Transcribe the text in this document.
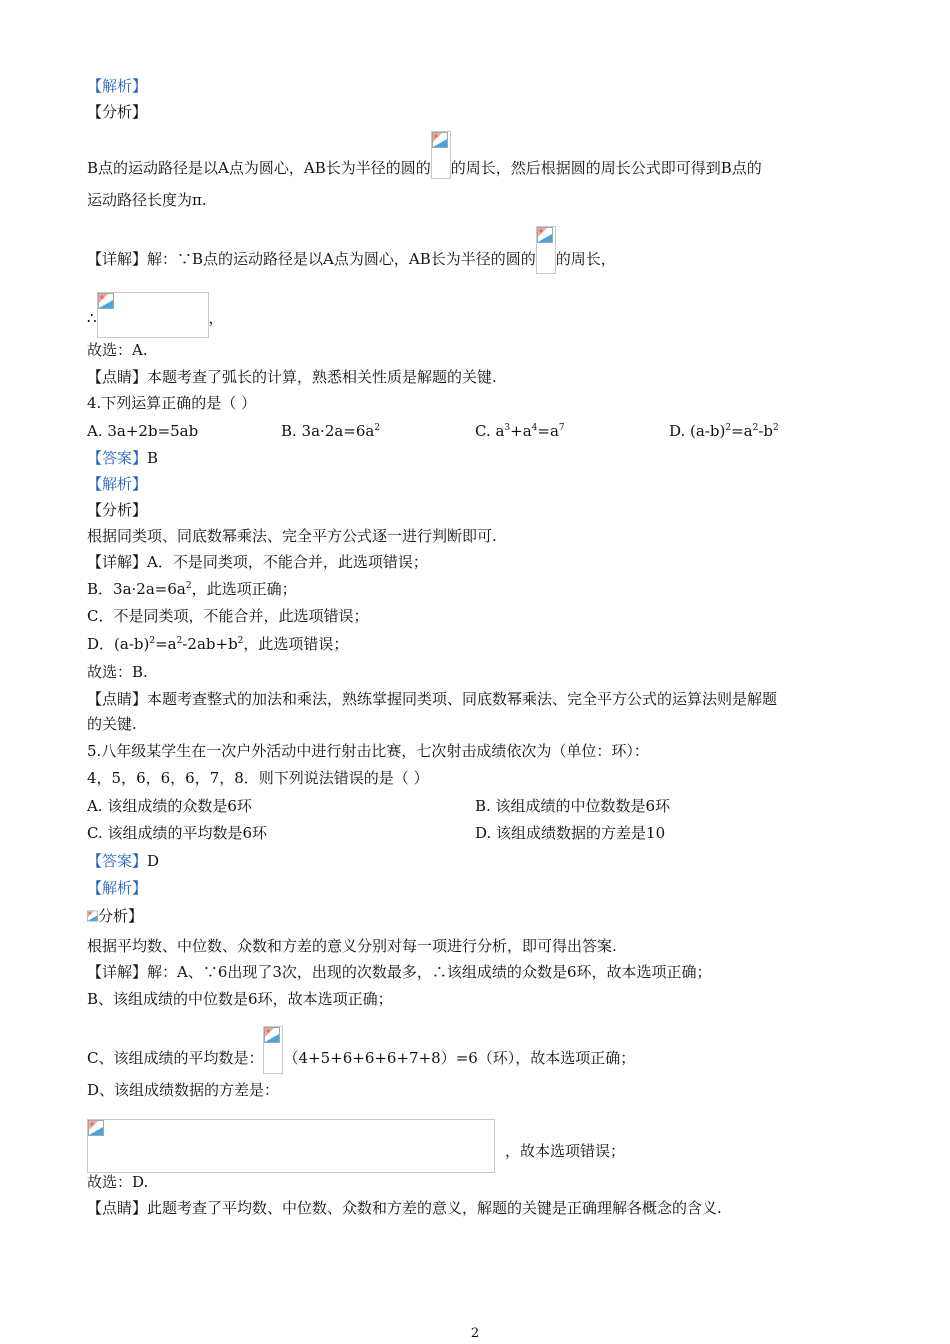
【解析】
【分析】
B点的运动路径是以A点为圆心，AB长为半径的圆的 的周长，然后根据圆的周长公式即可得到B点的
运动路径长度为π.
【详解】解：∵B点的运动路径是以A点为圆心，AB长为半径的圆的 的周长，
∴	，
故选：A.
【点睛】本题考查了弧长的计算，熟悉相关性质是解题的关键.
4.下列运算正确的是（ ）
A. 3a+2b=5ab	B. $3a\cdot 2a=6a^2$	C. $a^3+a^4=a^7$	D. $(a-b)^2=a^2-b^2$
【答案】B
【解析】
【分析】
根据同类项、同底数幂乘法、完全平方公式逐一进行判断即可.
【详解】A．不是同类项，不能合并，此选项错误；
B．$3a\cdot 2a=6a^2$，此选项正确；
C．不是同类项，不能合并，此选项错误；
D．$(a-b)^2=a^2-2ab+b^2$，此选项错误；
故选：B.
【点睛】本题考查整式的加法和乘法，熟练掌握同类项、同底数幂乘法、完全平方公式的运算法则是解题
的关键.
5.八年级某学生在一次户外活动中进行射击比赛，七次射击成绩依次为（单位：环）：
4，5，6，6，6，7，8．则下列说法错误的是（ ）
A. 该组成绩的众数是6环	B. 该组成绩的中位数数是6环
C. 该组成绩的平均数是6环	D. 该组成绩数据的方差是10
【答案】D
【解析】
分析】
根据平均数、中位数、众数和方差的意义分别对每一项进行分析，即可得出答案.
【详解】解：A、∵6出现了3次，出现的次数最多，∴该组成绩的众数是6环，故本选项正确；
B、该组成绩的中位数是6环，故本选项正确；
C、该组成绩的平均数是： （4+5+6+6+6+7+8）=6（环），故本选项正确；
D、该组成绩数据的方差是：
，故本选项错误；
故选：D.
【点睛】此题考查了平均数、中位数、众数和方差的意义，解题的关键是正确理解各概念的含义.
2
